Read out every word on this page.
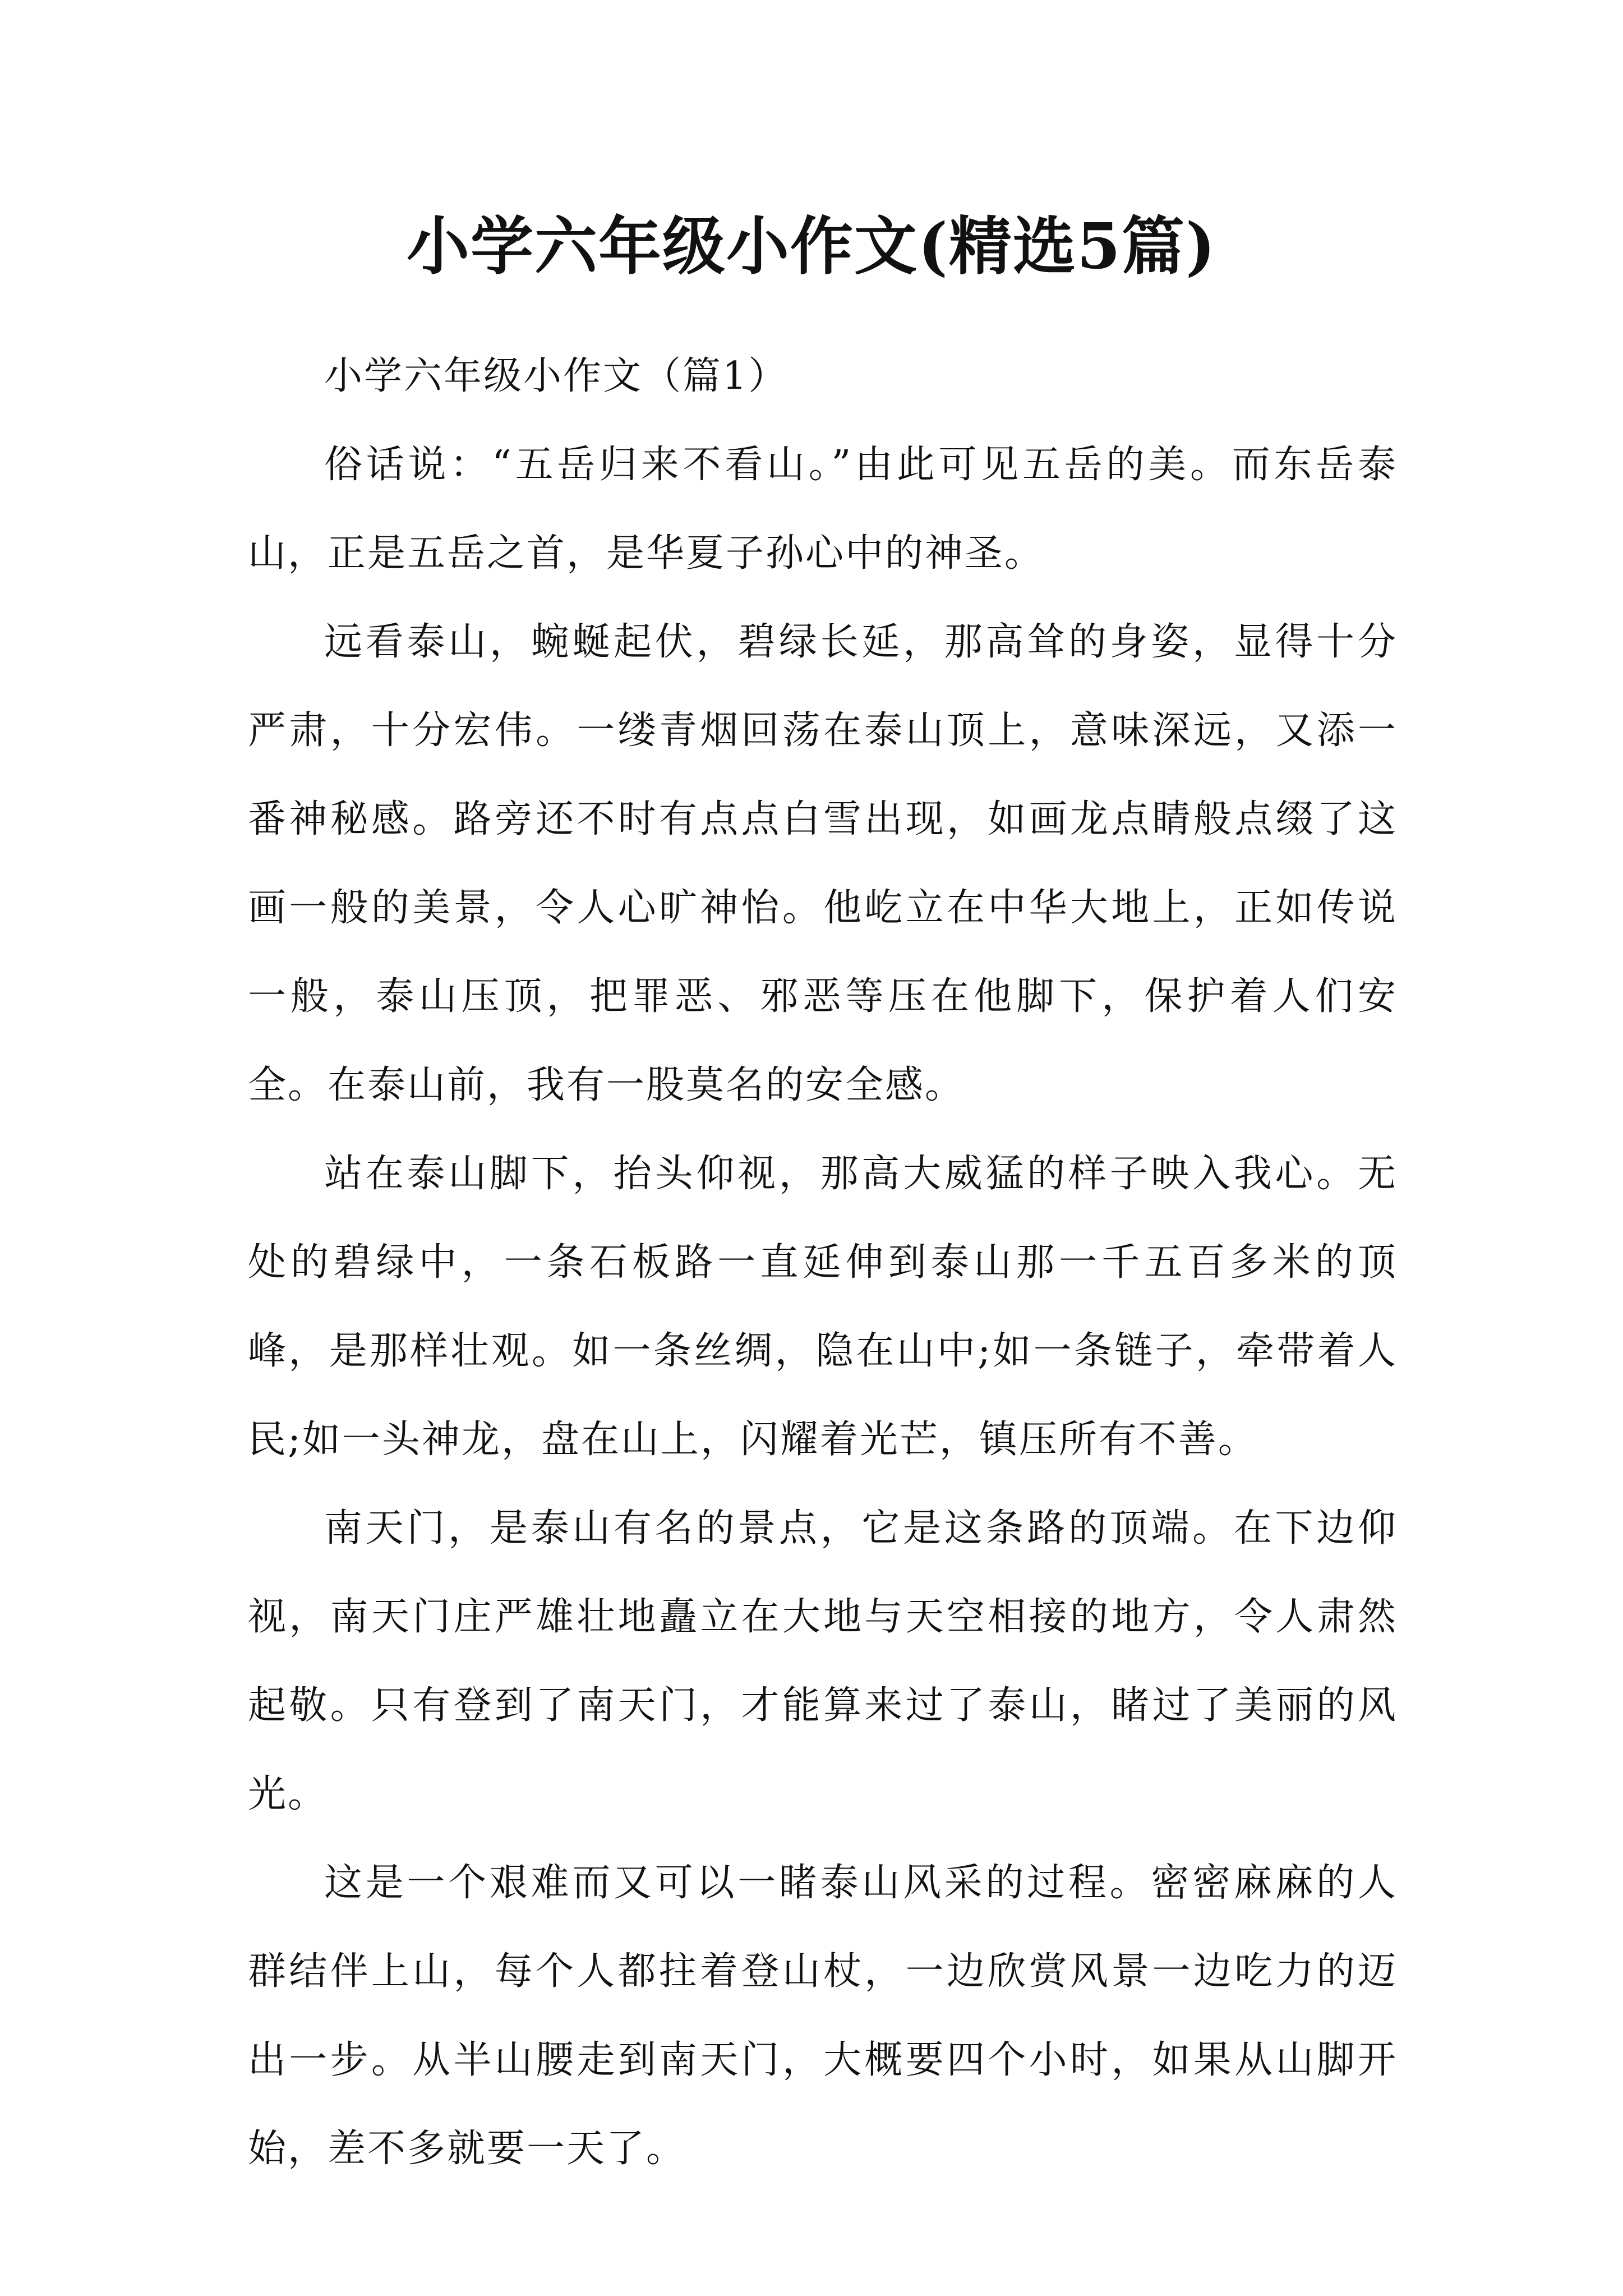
小学六年级小作文(精选5篇)

小学六年级小作文（篇1）

俗话说：“五岳归来不看山。”由此可见五岳的美。而东岳泰山，正是五岳之首，是华夏子孙心中的神圣。

远看泰山，蜿蜒起伏，碧绿长延，那高耸的身姿，显得十分严肃，十分宏伟。一缕青烟回荡在泰山顶上，意味深远，又添一番神秘感。路旁还不时有点点白雪出现，如画龙点睛般点缀了这画一般的美景，令人心旷神怡。他屹立在中华大地上，正如传说一般，泰山压顶，把罪恶、邪恶等压在他脚下，保护着人们安全。在泰山前，我有一股莫名的安全感。

站在泰山脚下，抬头仰视，那高大威猛的样子映入我心。无处的碧绿中，一条石板路一直延伸到泰山那一千五百多米的顶峰，是那样壮观。如一条丝绸，隐在山中;如一条链子，牵带着人民;如一头神龙，盘在山上，闪耀着光芒，镇压所有不善。

南天门，是泰山有名的景点，它是这条路的顶端。在下边仰视，南天门庄严雄壮地矗立在大地与天空相接的地方，令人肃然起敬。只有登到了南天门，才能算来过了泰山，睹过了美丽的风光。

这是一个艰难而又可以一睹泰山风采的过程。密密麻麻的人群结伴上山，每个人都拄着登山杖，一边欣赏风景一边吃力的迈出一步。从半山腰走到南天门，大概要四个小时，如果从山脚开始，差不多就要一天了。
